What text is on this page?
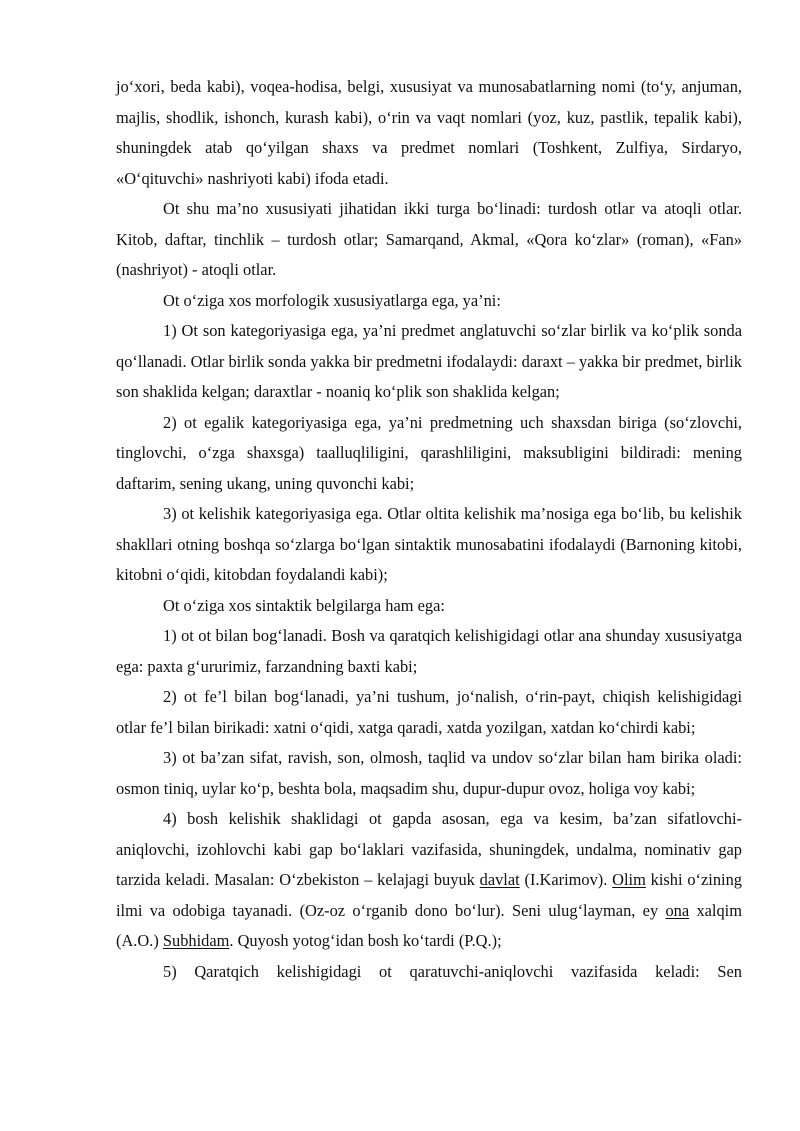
jo‘xori, beda kabi), voqea-hodisa, belgi, xususiyat va munosabatlarning nomi (to‘y, anjuman, majlis, shodlik, ishonch, kurash kabi), o‘rin va vaqt nomlari (yoz, kuz, pastlik, tepalik kabi), shuningdek atab qo‘yilgan shaxs va predmet nomlari (Toshkent, Zulfiya, Sirdaryo, «O‘qituvchi» nashriyoti kabi) ifoda etadi.

Ot shu ma’no xususiyati jihatidan ikki turga bo‘linadi: turdosh otlar va atoqli otlar. Kitob, daftar, tinchlik – turdosh otlar; Samarqand, Akmal, «Qora ko‘zlar» (roman), «Fan» (nashriyot) - atoqli otlar.

Ot o‘ziga xos morfologik xususiyatlarga ega, ya’ni:

1) Ot son kategoriyasiga ega, ya’ni predmet anglatuvchi so‘zlar birlik va ko‘plik sonda qo‘llanadi. Otlar birlik sonda yakka bir predmetni ifodalaydi: daraxt – yakka bir predmet, birlik son shaklida kelgan; daraxtlar - noaniq ko‘plik son shaklida kelgan;

2) ot egalik kategoriyasiga ega, ya’ni predmetning uch shaxsdan biriga (so‘zlovchi, tinglovchi, o‘zga shaxsga) taalluqliligini, qarashliligini, maksubligini bildiradi: mening daftarim, sening ukang, uning quvonchi kabi;

3) ot kelishik kategoriyasiga ega. Otlar oltita kelishik ma’nosiga ega bo‘lib, bu kelishik shakllari otning boshqa so‘zlarga bo‘lgan sintaktik munosabatini ifodalaydi (Barnoning kitobi, kitobni o‘qidi, kitobdan foydalandi kabi);

Ot o‘ziga xos sintaktik belgilarga ham ega:

1) ot ot bilan bog‘lanadi. Bosh va qaratqich kelishigidagi otlar ana shunday xususiyatga ega: paxta g‘ururimiz, farzandning baxti kabi;

2) ot fe’l bilan bog‘lanadi, ya’ni tushum, jo‘nalish, o‘rin-payt, chiqish kelishigidagi otlar fe’l bilan birikadi: xatni o‘qidi, xatga qaradi, xatda yozilgan, xatdan ko‘chirdi kabi;

3) ot ba’zan sifat, ravish, son, olmosh, taqlid va undov so‘zlar bilan ham birika oladi: osmon tiniq, uylar ko‘p, beshta bola, maqsadim shu, dupur-dupur ovoz, holiga voy kabi;

4) bosh kelishik shaklidagi ot gapda asosan, ega va kesim, ba’zan sifatlovchi-aniqlovchi, izohlovchi kabi gap bo‘laklari vazifasida, shuningdek, undalma, nominativ gap tarzida keladi. Masalan: O‘zbekiston – kelajagi buyuk davlat (I.Karimov). Olim kishi o‘zining ilmi va odobiga tayanadi. (Oz-oz o‘rganib dono bo‘lur). Seni ulug‘layman, ey ona xalqim (A.O.) Subhidam. Quyosh yotog‘idan bosh ko‘tardi (P.Q.);

5) Qaratqich kelishigidagi ot qaratuvchi-aniqlovchi vazifasida keladi: Sen
